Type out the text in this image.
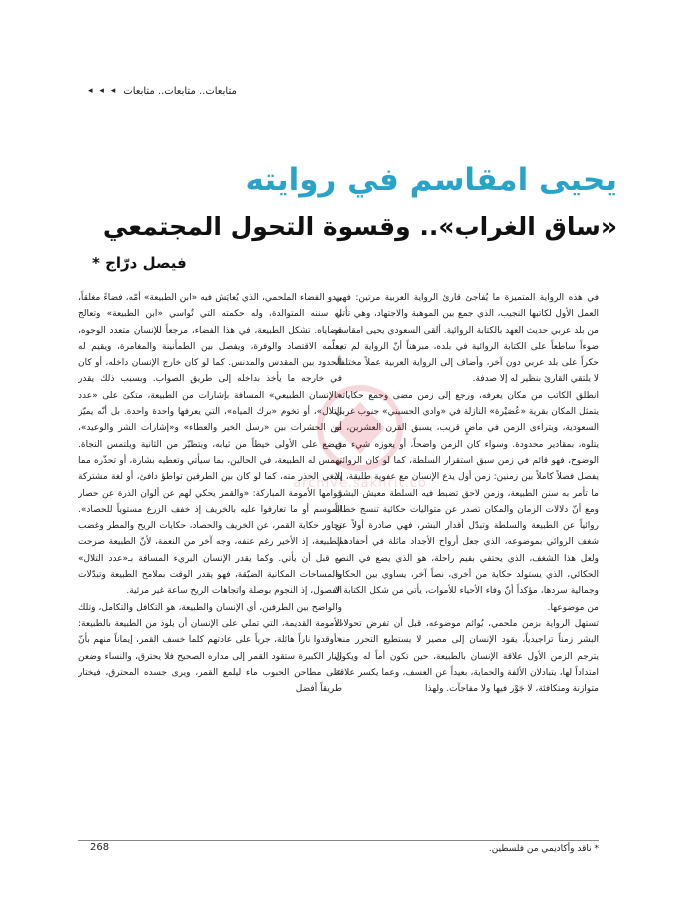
◂ ◂ ◂ متابعات.. متابعات.. متابعات
يحيى امقاسم في روايته
«ساق الغراب».. وقسوة التحول المجتمعي
فيصل درّاج *

في هذه الرواية المتميزة ما يُفاجئ قارئ الرواية العربية مرتين: فهي العمل الأول لكاتبها النجيب، الذي جمع بين الموهبة والاجتهاد، وهي تأتي من بلد عربي حديث العهد بالكتابة الروائية. ألقى السعودي يحيى امقاسم ضوءاً ساطعاً على الكتابة الروائية في بلده، مبرهناً أنّ الرواية لم تعد حكراً على بلد عربي دون آخر، وأضاف إلى الرواية العربية عملاً مختلفاً، لا يلتقي القارئ بنظير له إلا صدفة.

انطلق الكاتب من مكان يعرفه، ورجع إلى زمن مضى وجمع حكاياته. يتمثل المكان بقرية «عُصَيْرة» النازلة في «وادي الحسيني» جنوب غربي السعودية، ويتراءى الزمن في ماضٍ قريب، يسبق القرن العشرين، أو يتلوه، بمقادير محدودة. وسواء كان الزمن واضحاً، أو يعوزه شيء من الوضوح، فهو قائم في زمن سبق استقرار السلطة، كما لو كان الروائي يفصل فصلاً كاملاً بين زمنين: زمن أول يدع الإنسان مع عفوية طليقة، إلا ما تأمر به سنن الطبيعة، وزمن لاحق تضبط فيه السلطة معيش البشر. ومع أنّ دلالات الزمان والمكان تصدر عن متواليات حكائية تنسج خطاباً روائياً عن الطبيعة والسلطة وتبدّل أقدار البشر، فهي صادرة أولاً عن شغف الروائي بموضوعه، الذي جعل أرواح الأجداد ماثلة في أحفادهم. ولعل هذا الشغف، الذي يحتفي بقيم راحلة، هو الذي يضع في النص الحكائي، الذي يستولد حكاية من أخرى، نصاً آخر، يساوي بين الحكاية وجمالية سردها، مؤكداً أنّ وفاء الأحياء للأموات، يأتي من شكل الكتابة لا من موضوعها.

تستهل الرواية بزمن ملحمي، يُوائم موضوعه، قبل أن تفرض تحولات البشر زمناً تراجيدياً، يقود الإنسان إلى مصير لا يستطيع التحرر منه. يترجم الزمن الأول علاقة الإنسان بالطبيعة، حين تكون أماً له ويكون امتداداً لها، يتبادلان الألفة والحماية، بعيداً عن العسف، وعما يكسر علاقة متوازنة ومتكافئة، لا جَوْر فيها ولا مفاجآت. ولهذا

يبدو الفضاء الملحمي، الذي يُعايَش فيه «ابن الطبيعة» أمّه، فضاءً مغلقاً، له سننه المتوالدة، وله حكمته التي تُواسي «ابن الطبيعة» وتعالج قضاياه. تشكل الطبيعة، في هذا الفضاء، مرجعاً للإنسان متعدد الوجوه، يعلّمه الاقتصاد والوفرة، ويفصل بين الطمأنينة والمغامرة، ويقيم له الحدود بين المقدس والمدنس. كما لو كان خارج الإنسان داخله، أو كان في خارجه ما يأخذ بداخله إلى طريق الصواب. وبسبب ذلك يقدر «الإنسان الطبيعي» المسافة بإشارات من الطبيعة، متكئ على «عدد التلال»، أو تخوم «برك المياه»، التي يعرفها واحدة واحدة. بل أنّه يميّز من الحشرات بين «رسل الخير والعطاء» و«إشارات الشر والوعيد»، فيضع على الأولى خيطاً من ثيابه، ويتطيّر من الثانية ويلتمس النجاة. تهمس له الطبيعة، في الحالين، بما سيأتي وتعطيه بشارة، أو تحذّره مما ينبغي الحذر منه، كما لو كان بين الطرفين تواطؤ دافئ، أو لغة مشتركة قوامها الأمومة المباركة: «والقمر يحكي لهم عن ألوان الذرة عن حصار الموسم أو ما تعارفوا عليه بالخريف إذ خفف الزرع مستوياً للحصاد». تجاور حكاية القمر، عن الخريف والحصاد، حكايات الريح والمطر وغضب الطبيعة، إذ الأخير رغم عنفه، وجه آخر من النعمة، لأنّ الطبيعة صرحت به قبل أن يأتي. وكما يقدر الإنسان البريء المسافة بـ«عدد التلال» والمساحات المكانية الضيّقة، فهو يقدر الوقت بملامح الطبيعة وتبدّلات الفصول، إذ النجوم بوصلة واتجاهات الريح ساعة غير مرئية.

والواضح بين الطرفين، أي الإنسان والطبيعة، هو التكافل والتكامل، وتلك الأمومة القديمة، التي تملي على الإنسان أن يلوذ من الطبيعة بالطبيعة: «أوقدوا ناراً هائلة، جرياً على عادتهم كلما خسف القمر، إيماناً منهم بأنّ النار الكبيرة ستقود القمر إلى مداره الصحيح فلا يحترق، والنساء وضعن على مطاحن الحبوب ماء ليلمع القمر، ويرى جسده المحترق، فيختار طريقاً أفضل

archive.sakhrit.co
* ناقد وأكاديمي من فلسطين.
268
